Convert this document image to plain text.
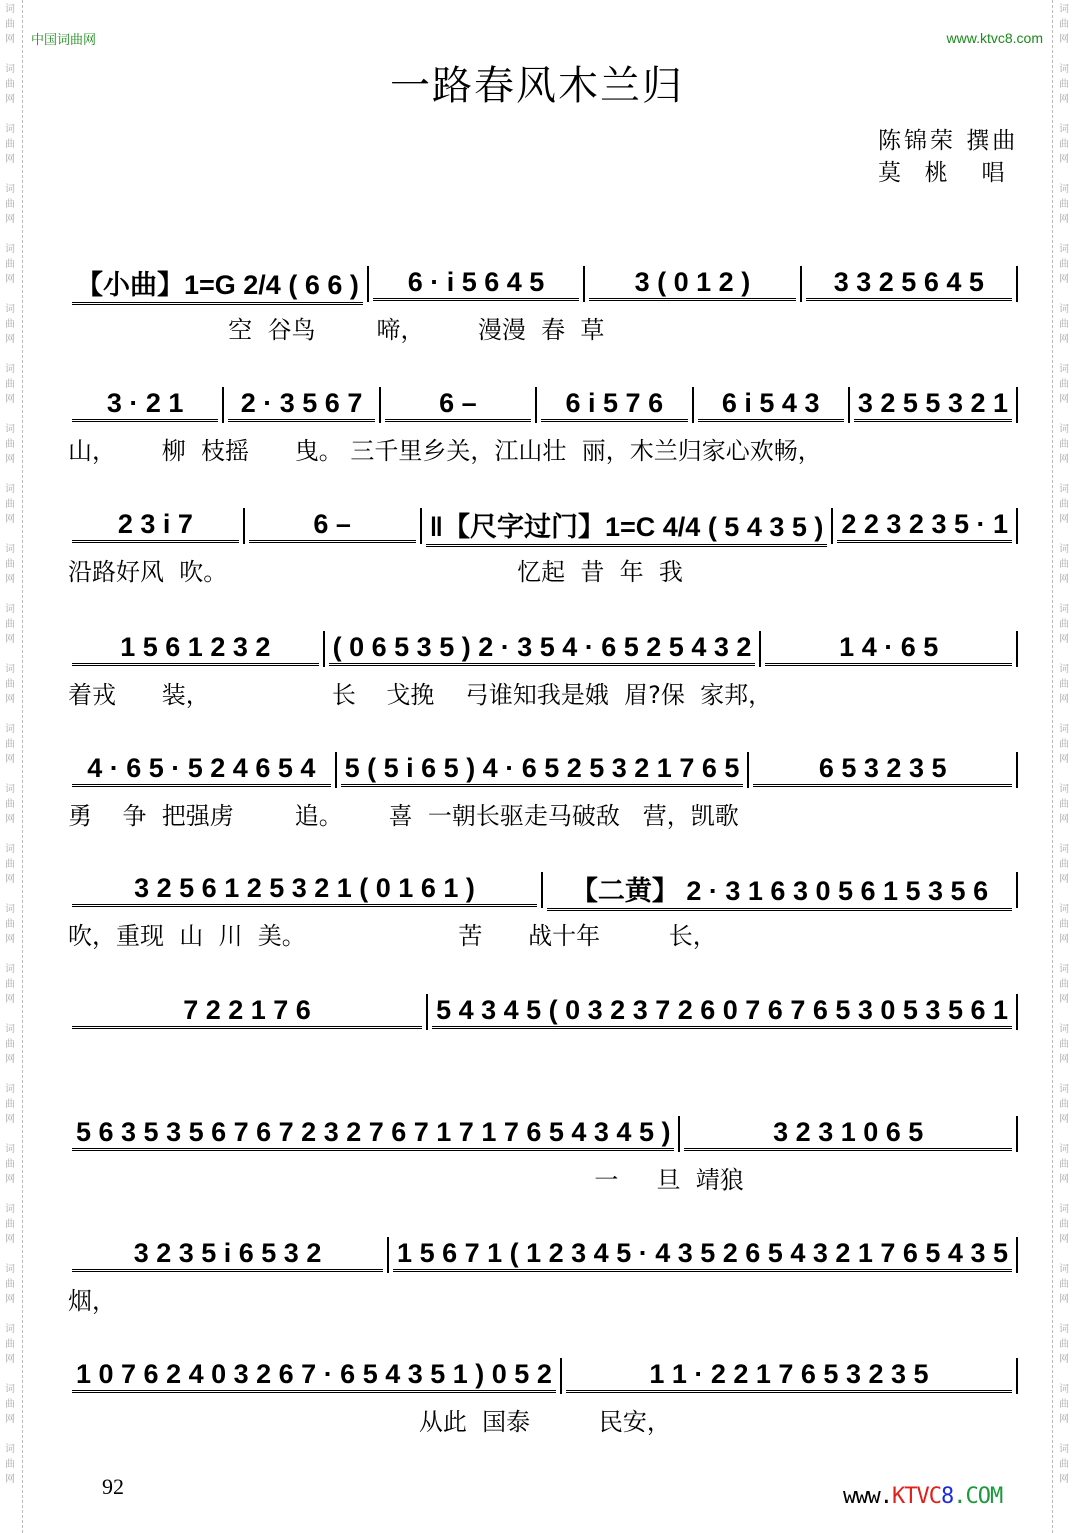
词
曲
网

词
曲
网

词
曲
网

词
曲
网

词
曲
网

词
曲
网

词
曲
网

词
曲
网

词
曲
网

词
曲
网

词
曲
网

词
曲
网

词
曲
网

词
曲
网

词
曲
网

词
曲
网

词
曲
网

词
曲
网

词
曲
网

词
曲
网

词
曲
网

词
曲
网

词
曲
网

词
曲
网

词
曲
网
词
曲
网

词
曲
网

词
曲
网

词
曲
网

词
曲
网

词
曲
网

词
曲
网

词
曲
网

词
曲
网

词
曲
网

词
曲
网

词
曲
网

词
曲
网

词
曲
网

词
曲
网

词
曲
网

词
曲
网

词
曲
网

词
曲
网

词
曲
网

词
曲
网

词
曲
网

词
曲
网

词
曲
网

词
曲
网
中国词曲网	www.ktvc8.com
一路春风木兰归
陈锦荣 撰曲
莫  桃   唱
【小曲】1=G 2/4 ( 6 6 )	6 · i 5 6 4 5	3 ( 0 1 2 )	3 3 2 5 6 4 5
空  谷鸟        啼，       漫漫  春  草
3 · 2 1	2 · 3 5 6 7	6 –	6 i 5 7 6	6 i 5 4 3	3 2 5 5 3 2 1
山，      柳  枝摇      曳。 三千里乡关，江山壮  丽，木兰归家心欢畅，
2 3 i 7	6 –	‖【尺字过门】1=C 4/4 ( 5 4 3 5 ) 2 2 3 2 3 5 · 1
沿路好风  吹。                                      忆起  昔  年  我
1 5 6 1 2 3 2	( 0 6 5 3 5 ) 2 · 3 5 4 · 6 5 2 5 4 3 2	1 4 · 6 5
着戎      装，                长    戈挽    弓谁知我是娥  眉?保  家邦，
4 · 6 5 · 5 2 4 6 5 4	5 ( 5 i 6 5 ) 4 · 6 5 2 5 3 2 1 7 6 5	6 5 3 2 3 5
勇    争  把强虏        追。      喜  一朝长驱走马破敌   营，凯歌
3 2 5 6 1 2 5 3 2 1 ( 0 1 6 1 )	【二黄】 2 · 3 1 6 3 0 5 6 1 5 3 5 6
吹，重现  山  川  美。                    苦      战十年         长，
7 2 2 1 7 6	5 4 3 4 5 ( 0 3 2 3 7 2 6 0 7 6 7 6 5 3 0 5 3 5 6 1
5 6 3 5 3 5 6 7 6 7 2 3 2 7 6 7 1 7 1 7 6 5 4 3 4 5 )	3 2 3 1 0 6 5
一     旦  靖狼
3 2 3 5 i 6 5 3 2	1 5 6 7 1 ( 1 2 3 4 5 · 4 3 5 2 6 5 4 3 2 1 7 6 5 4 3 5
烟，
1 0 7 6 2 4 0 3 2 6 7 · 6 5 4 3 5 1 ) 0 5 2	1 1 · 2 2 1 7 6 5 3 2 3 5
从此  国泰         民安，
92	www.KTVC8.COM
